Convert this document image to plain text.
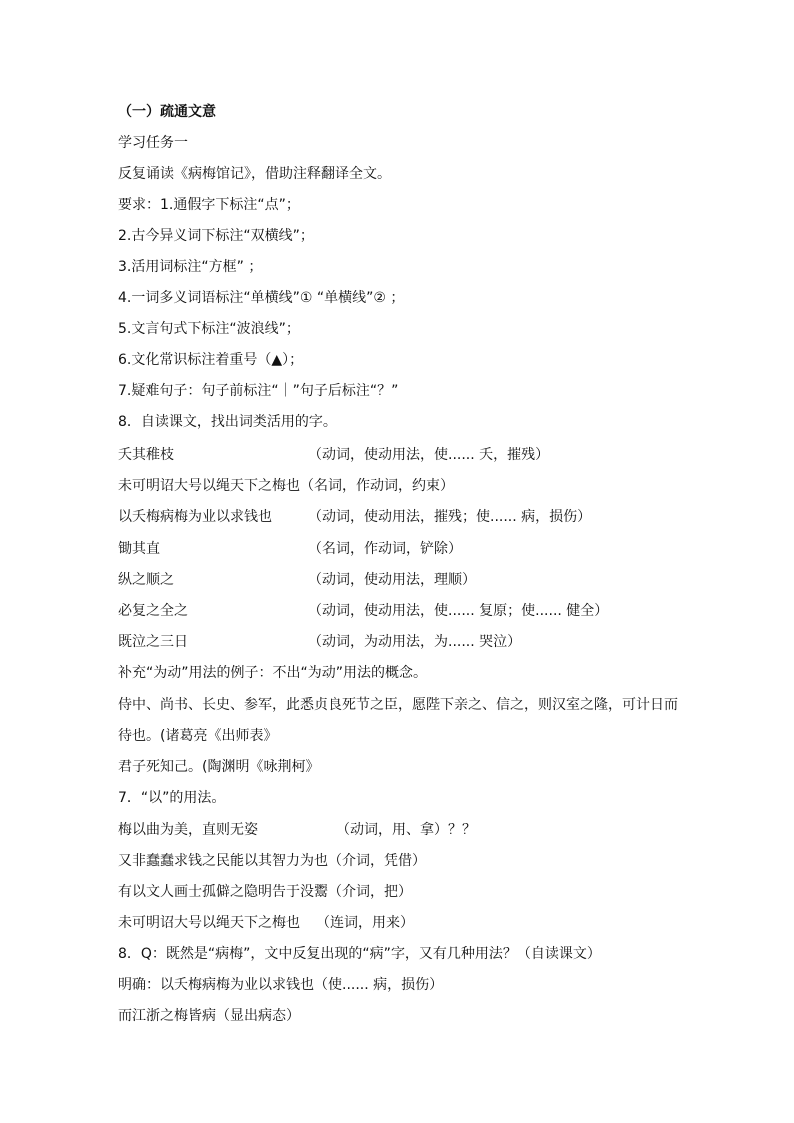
（一）疏通文意
学习任务一
反复诵读《病梅馆记》，借助注释翻译全文。
要求：1.通假字下标注“点”；
2.古今异义词下标注“双横线”；
3.活用词标注“方框” ；
4.一词多义词语标注“单横线”① “单横线”② ；
5.文言句式下标注“波浪线”；
6.文化常识标注着重号（▲）；
7.疑难句子：句子前标注“｜”句子后标注“？”
8．自读课文，找出词类活用的字。
夭其稚枝	（动词，使动用法，使...... 夭，摧残）
未可明诏大号以绳天下之梅也（名词，作动词，约束）
以夭梅病梅为业以求钱也	（动词，使动用法，摧残；使...... 病，损伤）
锄其直	（名词，作动词，铲除）
纵之顺之	（动词，使动用法，理顺）
必复之全之	（动词，使动用法，使...... 复原；使...... 健全）
既泣之三日	（动词，为动用法，为...... 哭泣）
补充“为动”用法的例子：不出“为动”用法的概念。
侍中、尚书、长史、参军，此悉贞良死节之臣，愿陛下亲之、信之，则汉室之隆，可计日而
待也。(诸葛亮《出师表》
君子死知己。(陶渊明《咏荆柯》
7．“以”的用法。
梅以曲为美，直则无姿	（动词，用、拿）？？
又非蠢蠢求钱之民能以其智力为也（介词，凭借）
有以文人画士孤僻之隐明告于没鬻（介词，把）
未可明诏大号以绳天下之梅也 （连词，用来）
8．Q：既然是“病梅”，文中反复出现的“病”字，又有几种用法？（自读课文）
明确：以夭梅病梅为业以求钱也（使...... 病，损伤）
而江浙之梅皆病（显出病态）
